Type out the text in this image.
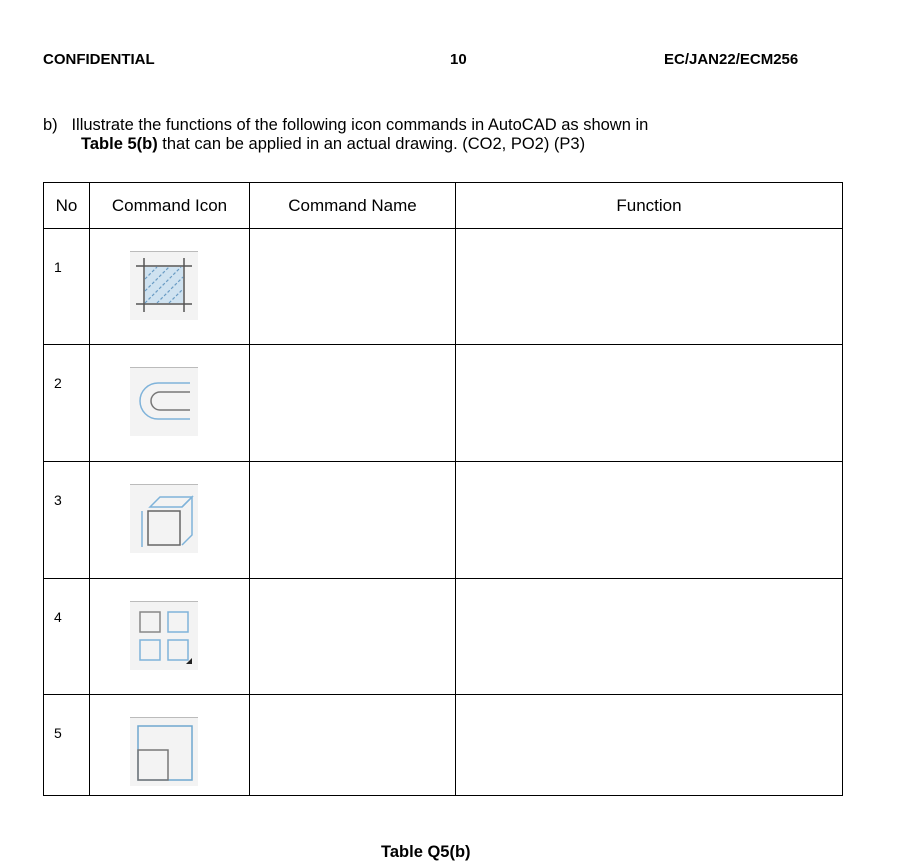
CONFIDENTIAL	10	EC/JAN22/ECM256
b) Illustrate the functions of the following icon commands in AutoCAD as shown in
Table 5(b) that can be applied in an actual drawing. (CO2, PO2) (P3)
No	Command Icon	Command Name	Function
1	

2	

3	

4	

5	

Table Q5(b)
